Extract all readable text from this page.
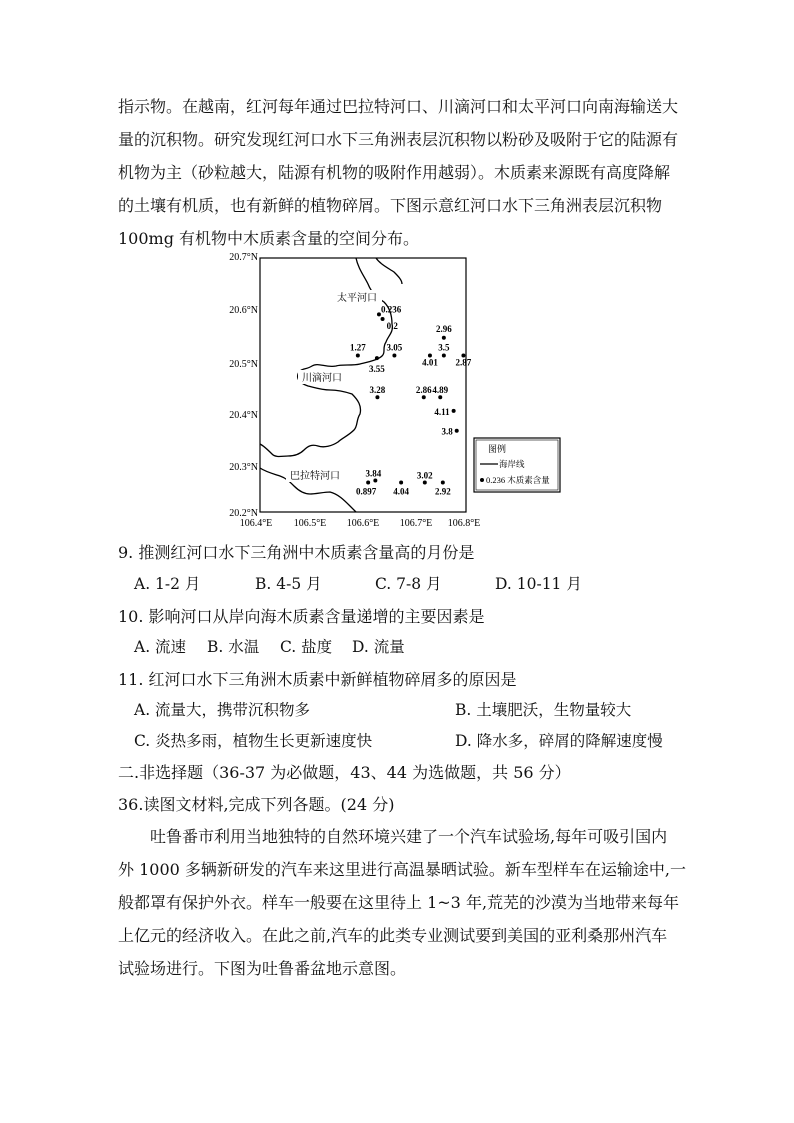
指示物。在越南，红河每年通过巴拉特河口、川滴河口和太平河口向南海输送大
量的沉积物。研究发现红河口水下三角洲表层沉积物以粉砂及吸附于它的陆源有
机物为主（砂粒越大，陆源有机物的吸附作用越弱）。木质素来源既有高度降解
的土壤有机质，也有新鲜的植物碎屑。下图示意红河口水下三角洲表层沉积物
100mg 有机物中木质素含量的空间分布。
20.7°N
20.6°N
20.5°N
20.4°N
20.3°N
20.2°N
106.4°E 106.5°E 106.6°E 106.7°E 106.8°E
太平河口
川滴河口
巴拉特河口
0.236
0.2	2.96
1.27 3.05	3.5
3.55
4.01 2.87
3.28	2.86 4.89
4.11
3.8
3.84
0.897 4.04
3.02
2.92
图例
海岸线
0.236 木质素含量
9. 推测红河口水下三角洲中木质素含量高的月份是
A. 1-2 月	B. 4-5 月	C. 7-8 月	D. 10-11 月
10. 影响河口从岸向海木质素含量递增的主要因素是
A. 流速 B. 水温 C. 盐度 D. 流量
11. 红河口水下三角洲木质素中新鲜植物碎屑多的原因是
A. 流量大，携带沉积物多	B. 土壤肥沃，生物量较大
C. 炎热多雨，植物生长更新速度快	D. 降水多，碎屑的降解速度慢
二.非选择题（36-37 为必做题，43、44 为选做题，共 56 分）
36.读图文材料,完成下列各题。(24 分)
吐鲁番市利用当地独特的自然环境兴建了一个汽车试验场,每年可吸引国内
外 1000 多辆新研发的汽车来这里进行高温暴晒试验。新车型样车在运输途中,一
般都罩有保护外衣。样车一般要在这里待上 1~3 年,荒芜的沙漠为当地带来每年
上亿元的经济收入。在此之前,汽车的此类专业测试要到美国的亚利桑那州汽车
试验场进行。下图为吐鲁番盆地示意图。
